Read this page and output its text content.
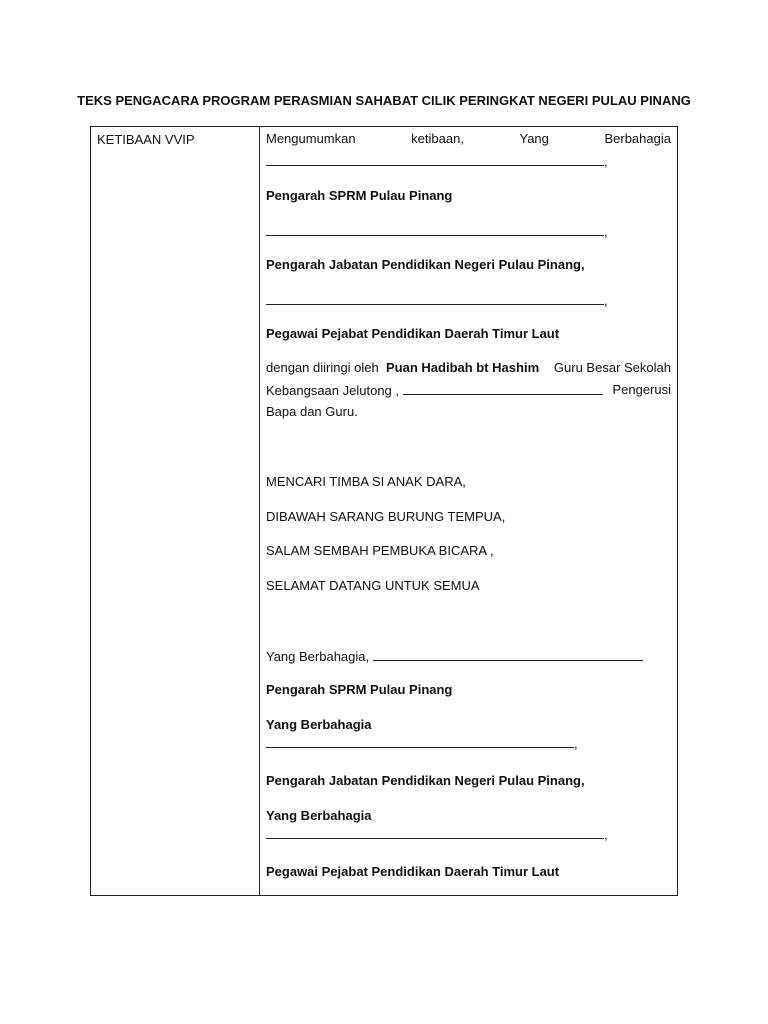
TEKS PENGACARA PROGRAM PERASMIAN SAHABAT CILIK PERINGKAT NEGERI PULAU PINANG
KETIBAAN VVIP	Mengumumkan	ketibaan,	Yang	Berbahagia
,
Pengarah SPRM Pulau Pinang
,
Pengarah Jabatan Pendidikan Negeri Pulau Pinang,
,
Pegawai Pejabat Pendidikan Daerah Timur Laut
dengan diiringi oleh Puan Hadibah bt Hashim Guru Besar Sekolah
Kebangsaan Jelutong ,	Pengerusi
Bapa dan Guru.
MENCARI TIMBA SI ANAK DARA,
DIBAWAH SARANG BURUNG TEMPUA,
SALAM SEMBAH PEMBUKA BICARA ,
SELAMAT DATANG UNTUK SEMUA
Yang Berbahagia,
Pengarah SPRM Pulau Pinang
Yang Berbahagia
,
Pengarah Jabatan Pendidikan Negeri Pulau Pinang,
Yang Berbahagia
,
Pegawai Pejabat Pendidikan Daerah Timur Laut
